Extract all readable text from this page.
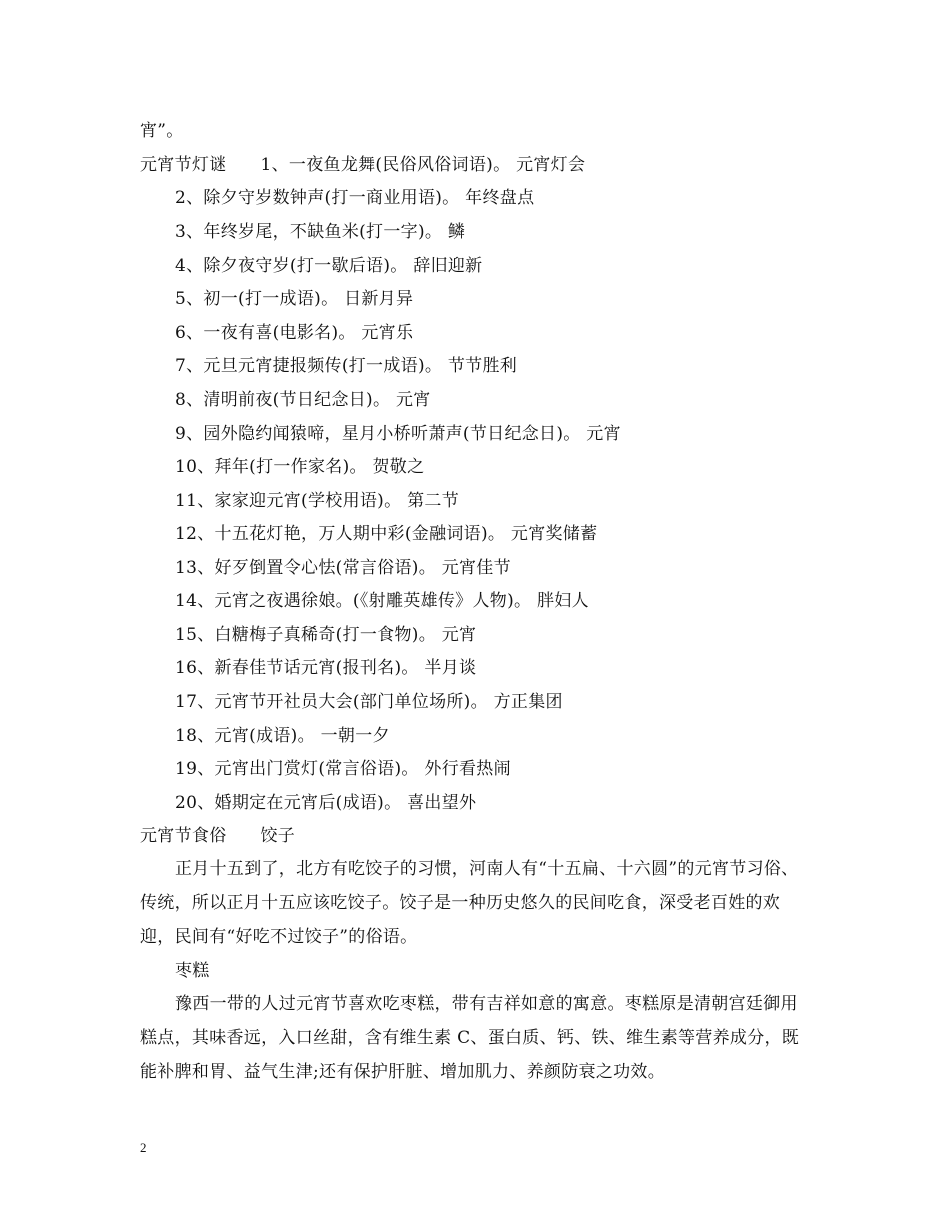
宵”。
元宵节灯谜 1、一夜鱼龙舞(民俗风俗词语)。 元宵灯会
2、除夕守岁数钟声(打一商业用语)。 年终盘点
3、年终岁尾，不缺鱼米(打一字)。 鳞
4、除夕夜守岁(打一歇后语)。 辞旧迎新
5、初一(打一成语)。 日新月异
6、一夜有喜(电影名)。 元宵乐
7、元旦元宵捷报频传(打一成语)。 节节胜利
8、清明前夜(节日纪念日)。 元宵
9、园外隐约闻猿啼，星月小桥听萧声(节日纪念日)。 元宵
10、拜年(打一作家名)。 贺敬之
11、家家迎元宵(学校用语)。 第二节
12、十五花灯艳，万人期中彩(金融词语)。 元宵奖储蓄
13、好歹倒置令心怯(常言俗语)。 元宵佳节
14、元宵之夜遇徐娘。(《射雕英雄传》人物)。 胖妇人
15、白糖梅子真稀奇(打一食物)。 元宵
16、新春佳节话元宵(报刊名)。 半月谈
17、元宵节开社员大会(部门单位场所)。 方正集团
18、元宵(成语)。 一朝一夕
19、元宵出门赏灯(常言俗语)。 外行看热闹
20、婚期定在元宵后(成语)。 喜出望外
元宵节食俗 饺子
正月十五到了，北方有吃饺子的习惯，河南人有“十五扁、十六圆”的元宵节习俗、传统，所以正月十五应该吃饺子。饺子是一种历史悠久的民间吃食，深受老百姓的欢迎，民间有“好吃不过饺子”的俗语。
枣糕
豫西一带的人过元宵节喜欢吃枣糕，带有吉祥如意的寓意。枣糕原是清朝宫廷御用糕点，其味香远，入口丝甜，含有维生素 C、蛋白质、钙、铁、维生素等营养成分，既能补脾和胃、益气生津;还有保护肝脏、增加肌力、养颜防衰之功效。
2
